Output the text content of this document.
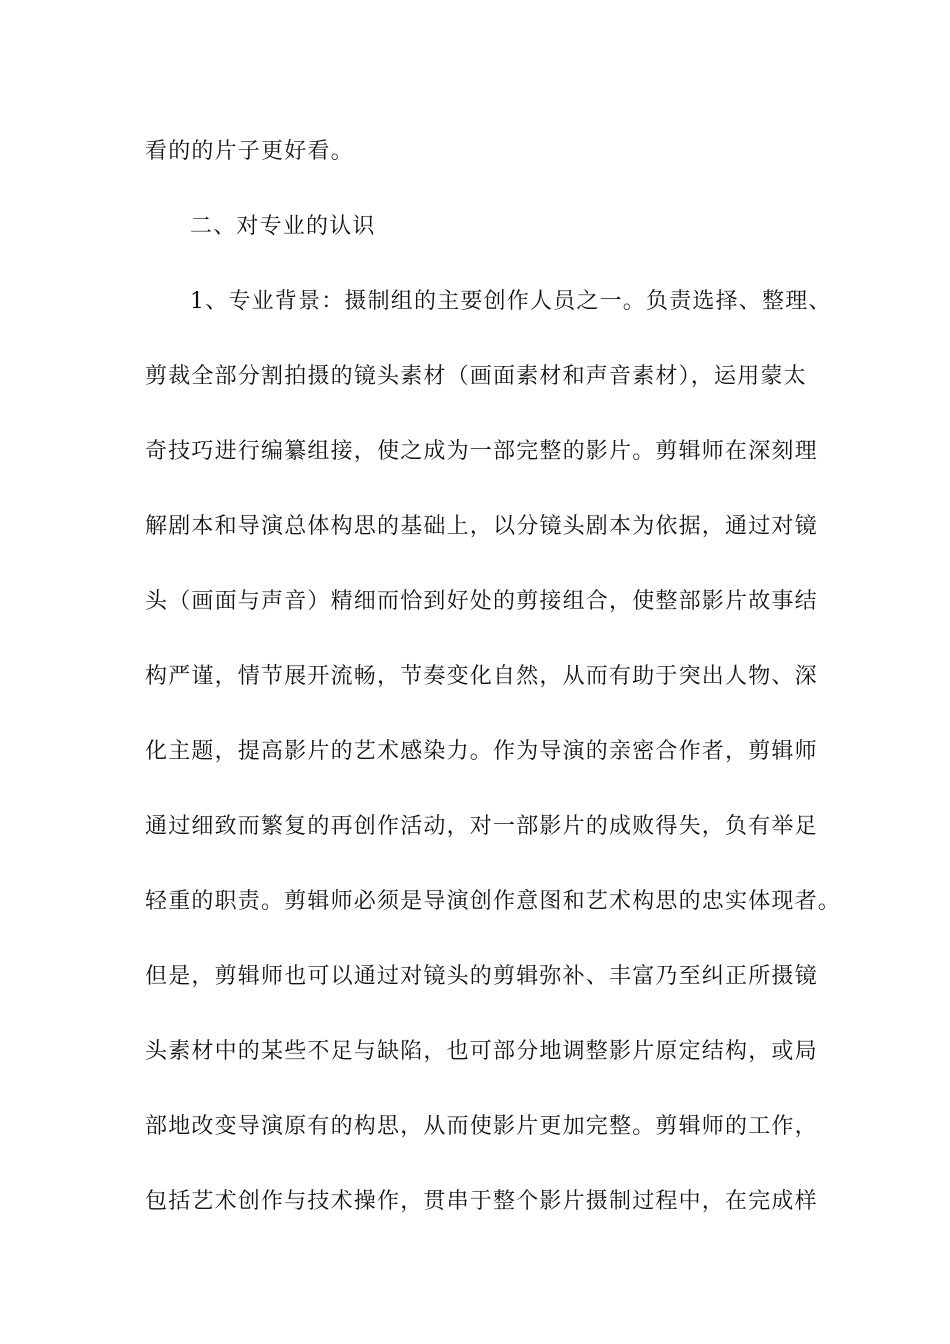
看的的片子更好看。
二、对专业的认识
1、专业背景：摄制组的主要创作人员之一。负责选择、整理、
剪裁全部分割拍摄的镜头素材（画面素材和声音素材），运用蒙太
奇技巧进行编纂组接，使之成为一部完整的影片。剪辑师在深刻理
解剧本和导演总体构思的基础上，以分镜头剧本为依据，通过对镜
头（画面与声音）精细而恰到好处的剪接组合，使整部影片故事结
构严谨，情节展开流畅，节奏变化自然，从而有助于突出人物、深
化主题，提高影片的艺术感染力。作为导演的亲密合作者，剪辑师
通过细致而繁复的再创作活动，对一部影片的成败得失，负有举足
轻重的职责。剪辑师必须是导演创作意图和艺术构思的忠实体现者。
但是，剪辑师也可以通过对镜头的剪辑弥补、丰富乃至纠正所摄镜
头素材中的某些不足与缺陷，也可部分地调整影片原定结构，或局
部地改变导演原有的构思，从而使影片更加完整。剪辑师的工作，
包括艺术创作与技术操作，贯串于整个影片摄制过程中，在完成样
